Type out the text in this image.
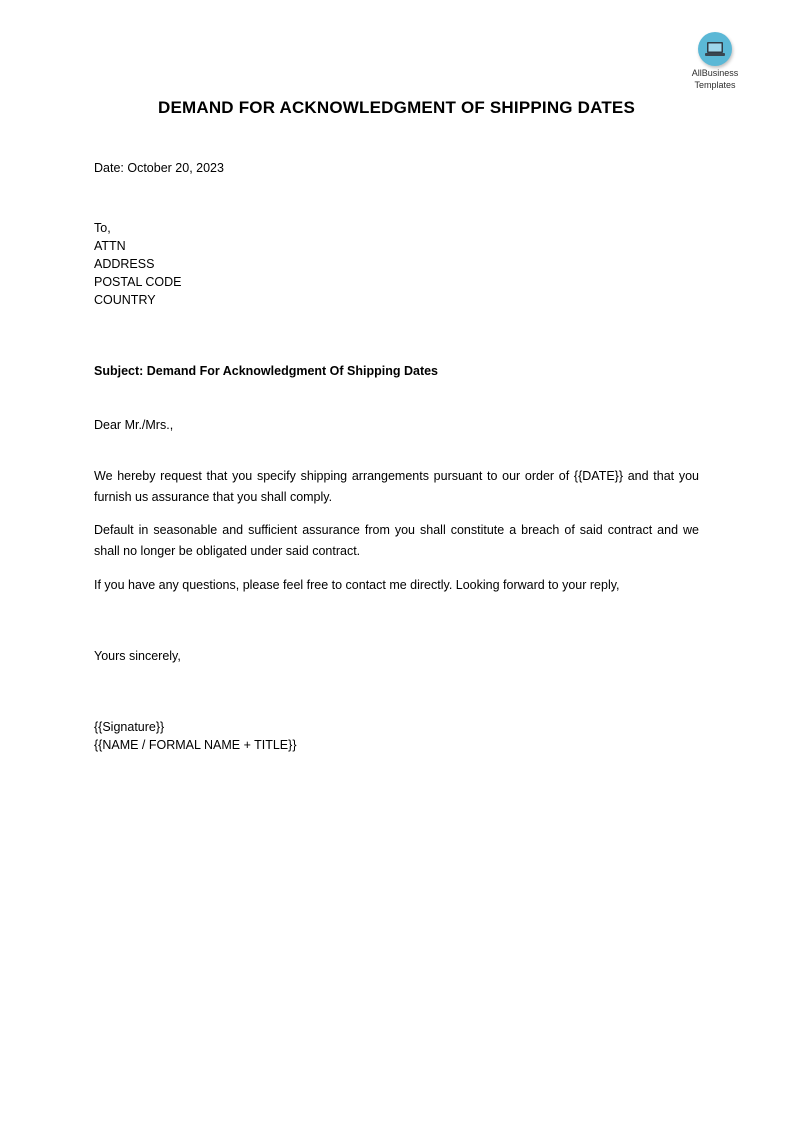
AllBusiness
Templates
DEMAND FOR ACKNOWLEDGMENT OF SHIPPING DATES
Date: October 20, 2023
To,
ATTN
ADDRESS
POSTAL CODE
COUNTRY
Subject: Demand For Acknowledgment Of Shipping Dates
Dear Mr./Mrs.,
We hereby request that you specify shipping arrangements pursuant to our order of {{DATE}} and that you furnish us assurance that you shall comply.
Default in seasonable and sufficient assurance from you shall constitute a breach of said contract and we shall no longer be obligated under said contract.
If you have any questions, please feel free to contact me directly. Looking forward to your reply,
Yours sincerely,
{{Signature}}
{{NAME / FORMAL NAME + TITLE}}
